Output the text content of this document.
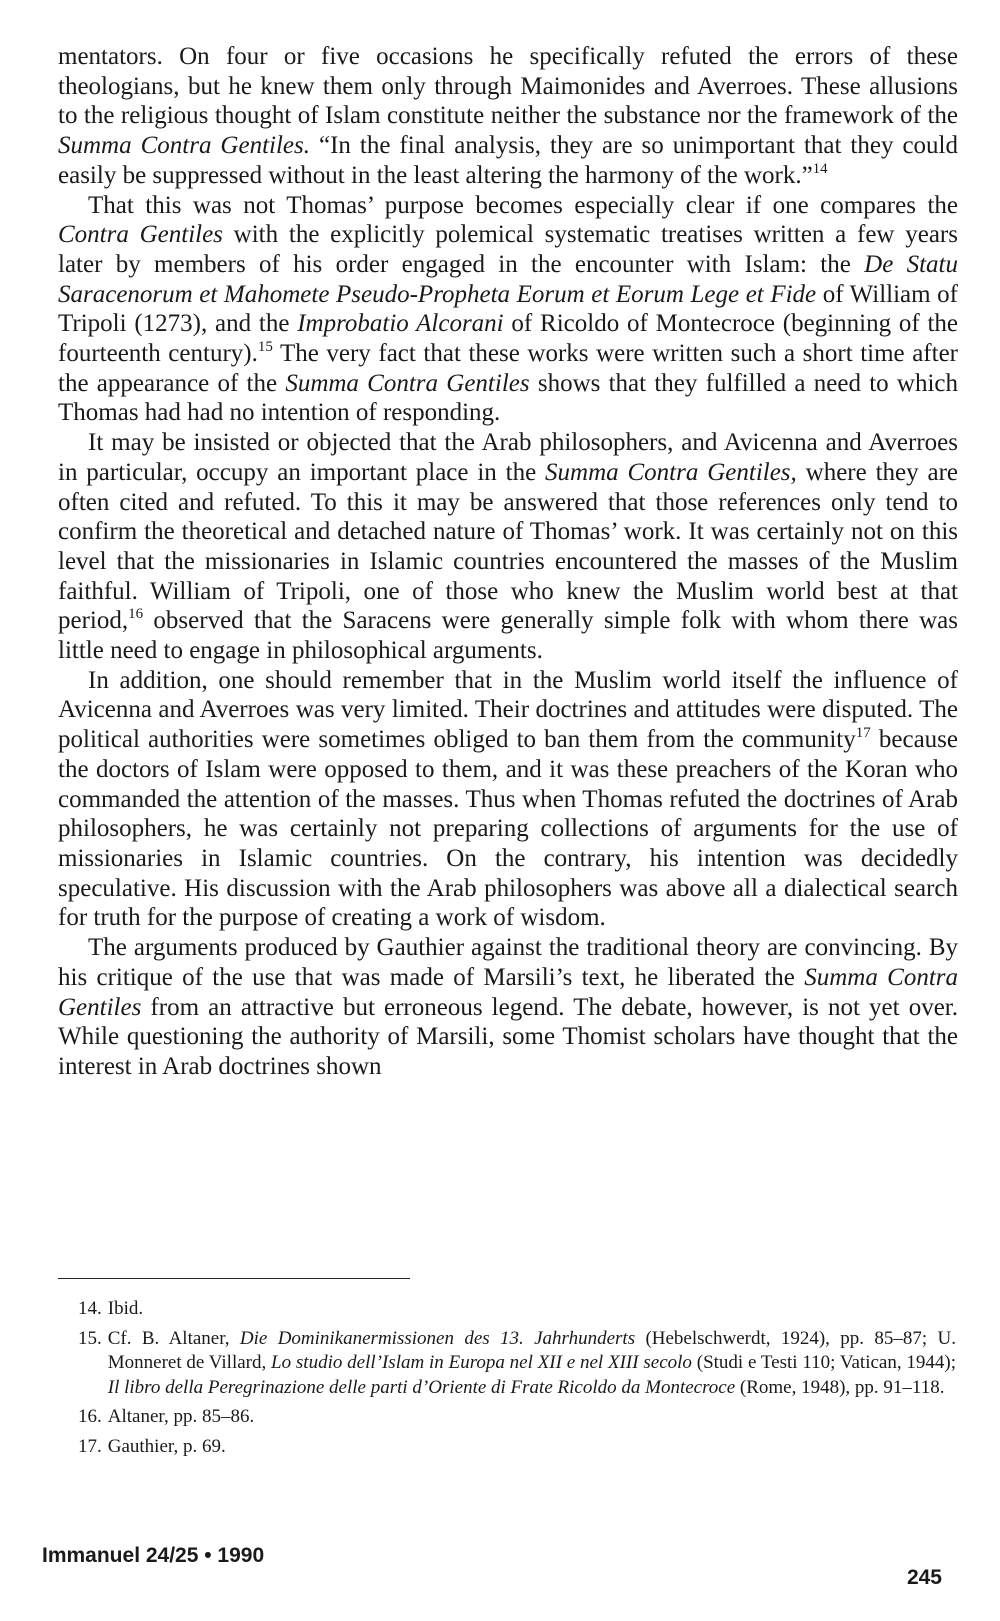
mentators. On four or five occasions he specifically refuted the errors of these theologians, but he knew them only through Maimonides and Averroes. These allusions to the religious thought of Islam constitute neither the substance nor the framework of the Summa Contra Gentiles. “In the final analysis, they are so unimportant that they could easily be suppressed without in the least altering the harmony of the work.”$^{14}$

That this was not Thomas’ purpose becomes especially clear if one compares the Contra Gentiles with the explicitly polemical systematic treatises written a few years later by members of his order engaged in the encounter with Islam: the De Statu Saracenorum et Mahomete Pseudo-Propheta Eorum et Eorum Lege et Fide of William of Tripoli (1273), and the Improbatio Alcorani of Ricoldo of Montecroce (beginning of the fourteenth century).$^{15}$ The very fact that these works were written such a short time after the appearance of the Summa Contra Gentiles shows that they fulfilled a need to which Thomas had had no intention of responding.

It may be insisted or objected that the Arab philosophers, and Avicenna and Averroes in particular, occupy an important place in the Summa Contra Gentiles, where they are often cited and refuted. To this it may be answered that those references only tend to confirm the theoretical and detached nature of Thomas’ work. It was certainly not on this level that the missionaries in Islamic countries encountered the masses of the Muslim faithful. William of Tripoli, one of those who knew the Muslim world best at that period,$^{16}$ observed that the Saracens were generally simple folk with whom there was little need to engage in philosophical arguments.

In addition, one should remember that in the Muslim world itself the influence of Avicenna and Averroes was very limited. Their doctrines and attitudes were disputed. The political authorities were sometimes obliged to ban them from the community$^{17}$ because the doctors of Islam were opposed to them, and it was these preachers of the Koran who commanded the attention of the masses. Thus when Thomas refuted the doctrines of Arab philosophers, he was certainly not preparing collections of arguments for the use of missionaries in Islamic countries. On the contrary, his intention was decidedly speculative. His discussion with the Arab philosophers was above all a dialectical search for truth for the purpose of creating a work of wisdom.

The arguments produced by Gauthier against the traditional theory are convincing. By his critique of the use that was made of Marsili’s text, he liberated the Summa Contra Gentiles from an attractive but erroneous legend. The debate, however, is not yet over. While questioning the authority of Marsili, some Thomist scholars have thought that the interest in Arab doctrines shown

14. Ibid.
15. Cf. B. Altaner, Die Dominikanermissionen des 13. Jahrhunderts (Hebelschwerdt, 1924), pp. 85–87; U. Monneret de Villard, Lo studio dell’Islam in Europa nel XII e nel XIII secolo (Studi e Testi 110; Vatican, 1944); Il libro della Peregrinazione delle parti d’Oriente di Frate Ricoldo da Montecroce (Rome, 1948), pp. 91–118.
16. Altaner, pp. 85–86.
17. Gauthier, p. 69.
Immanuel 24/25 • 1990
245
